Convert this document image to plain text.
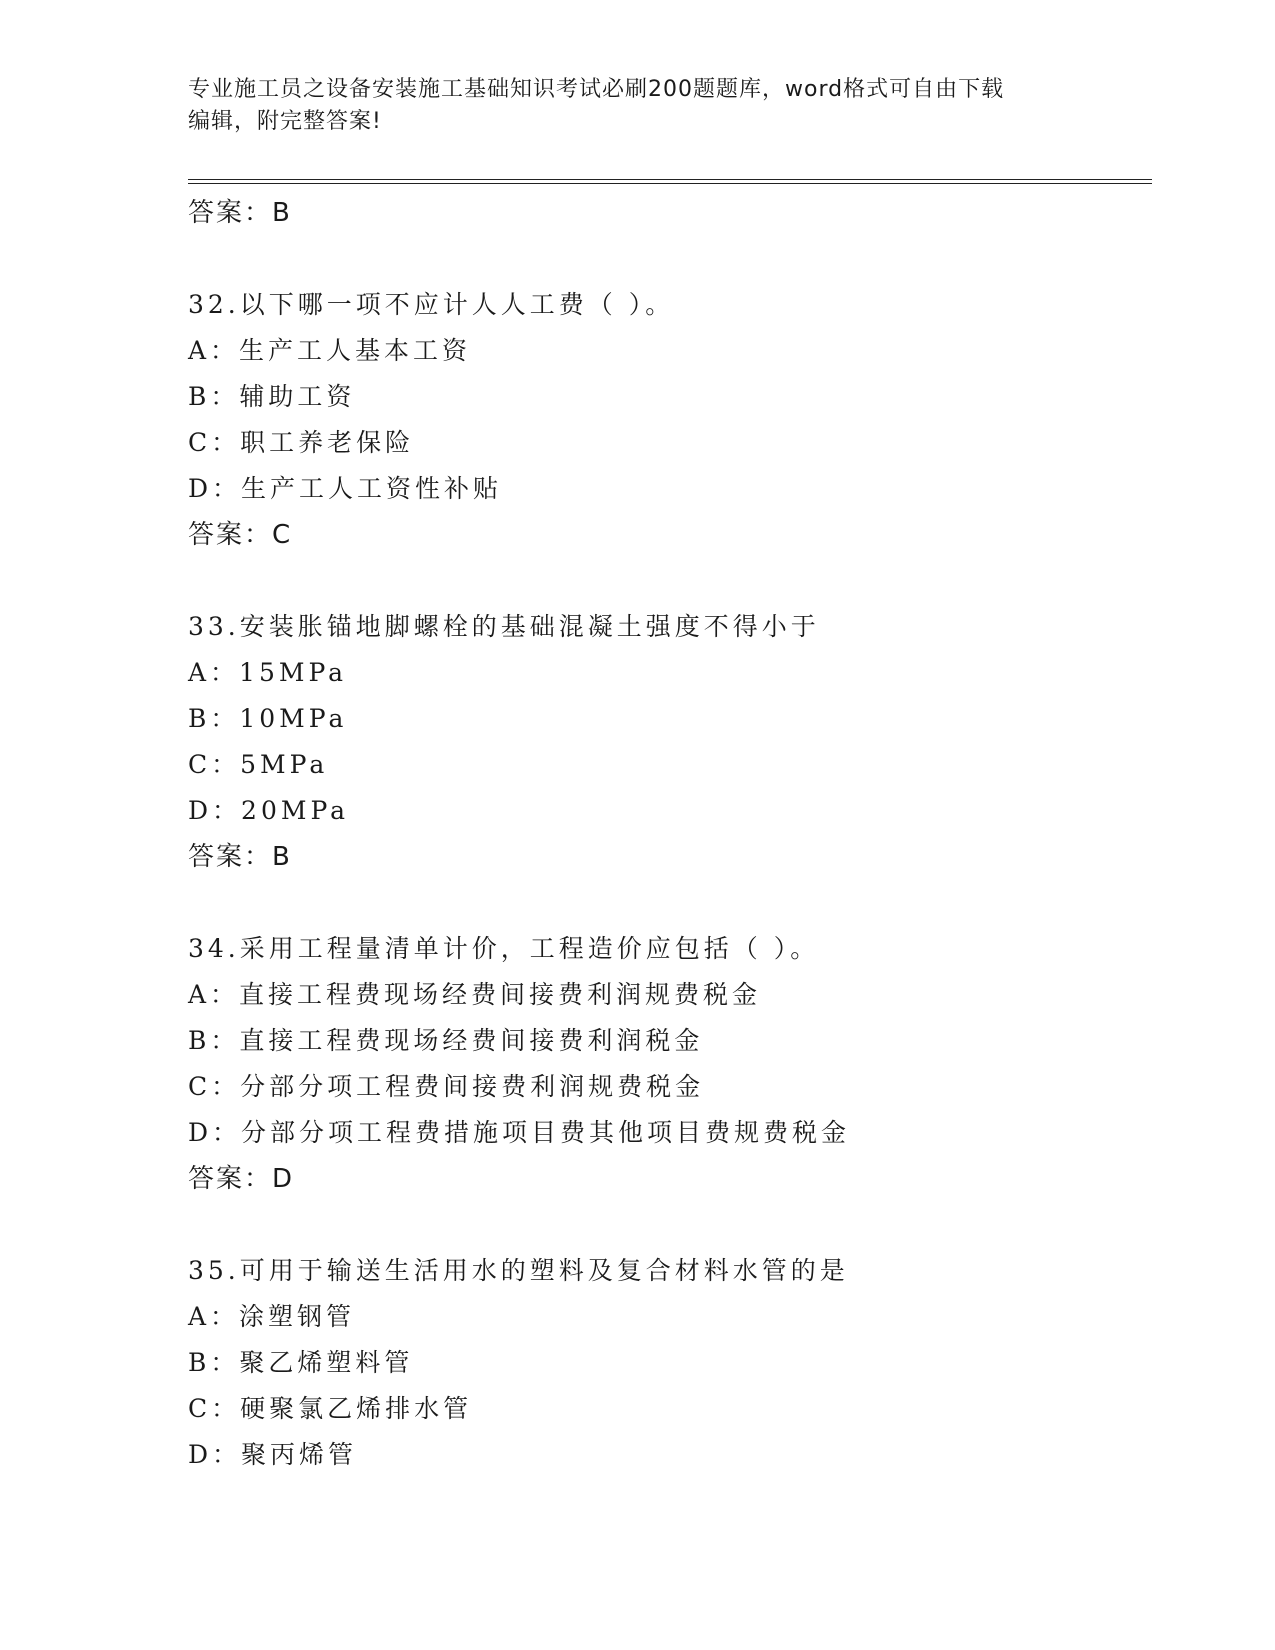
专业施工员之设备安装施工基础知识考试必刷200题题库，word格式可自由下载
编辑，附完整答案!
答案：B
32.以下哪一项不应计人人工费（ ）。
A：生产工人基本工资
B：辅助工资
C：职工养老保险
D：生产工人工资性补贴
答案：C
33.安装胀锚地脚螺栓的基础混凝土强度不得小于
A：15MPa
B：10MPa
C：5MPa
D：20MPa
答案：B
34.采用工程量清单计价，工程造价应包括（ ）。
A：直接工程费现场经费间接费利润规费税金
B：直接工程费现场经费间接费利润税金
C：分部分项工程费间接费利润规费税金
D：分部分项工程费措施项目费其他项目费规费税金
答案：D
35.可用于输送生活用水的塑料及复合材料水管的是
A：涂塑钢管
B：聚乙烯塑料管
C：硬聚氯乙烯排水管
D：聚丙烯管
